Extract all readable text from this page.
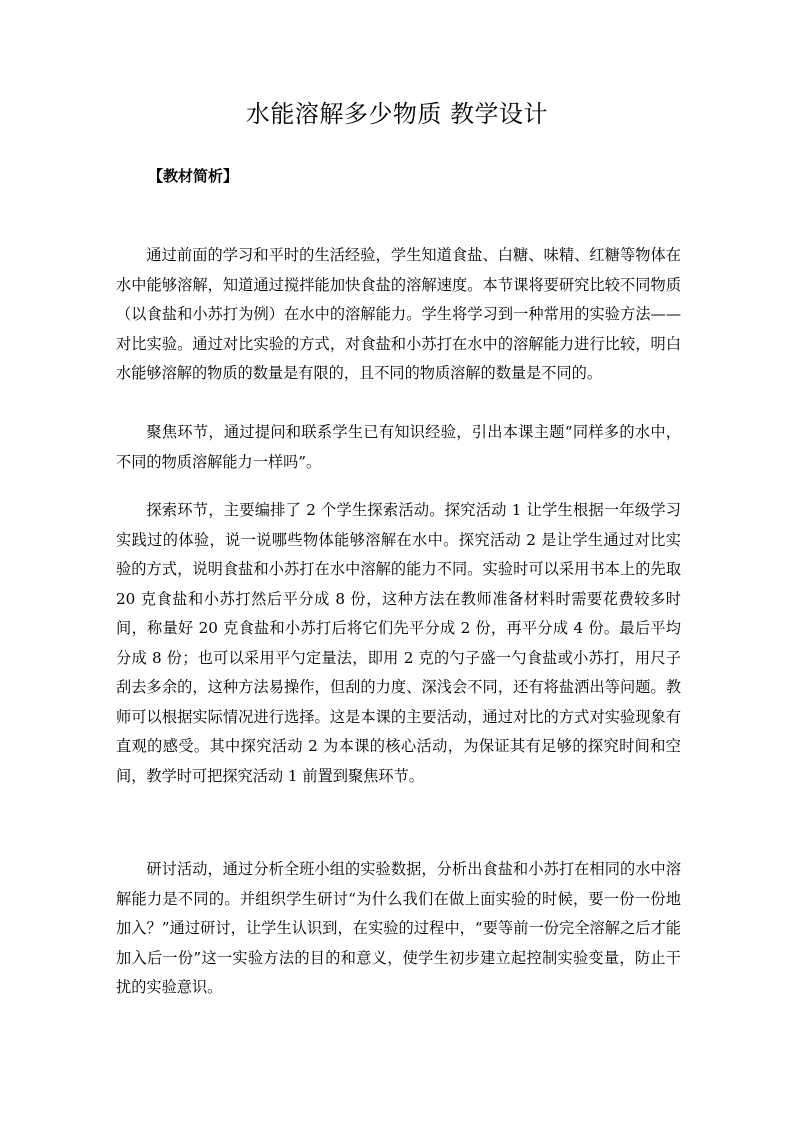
水能溶解多少物质 教学设计
【教材简析】

通过前面的学习和平时的生活经验，学生知道食盐、白糖、味精、红糖等物体在水中能够溶解，知道通过搅拌能加快食盐的溶解速度。本节课将要研究比较不同物质（以食盐和小苏打为例）在水中的溶解能力。学生将学习到一种常用的实验方法——对比实验。通过对比实验的方式，对食盐和小苏打在水中的溶解能力进行比较，明白水能够溶解的物质的数量是有限的，且不同的物质溶解的数量是不同的。

聚焦环节，通过提问和联系学生已有知识经验，引出本课主题“同样多的水中，不同的物质溶解能力一样吗”。

探索环节，主要编排了 2 个学生探索活动。探究活动 1 让学生根据一年级学习实践过的体验，说一说哪些物体能够溶解在水中。探究活动 2 是让学生通过对比实验的方式，说明食盐和小苏打在水中溶解的能力不同。实验时可以采用书本上的先取 20 克食盐和小苏打然后平分成 8 份，这种方法在教师准备材料时需要花费较多时间，称量好 20 克食盐和小苏打后将它们先平分成 2 份，再平分成 4 份。最后平均分成 8 份；也可以采用平勺定量法，即用 2 克的勺子盛一勺食盐或小苏打，用尺子刮去多余的，这种方法易操作，但刮的力度、深浅会不同，还有将盐洒出等问题。教师可以根据实际情况进行选择。这是本课的主要活动，通过对比的方式对实验现象有直观的感受。其中探究活动 2 为本课的核心活动，为保证其有足够的探究时间和空间，教学时可把探究活动 1 前置到聚焦环节。

研讨活动，通过分析全班小组的实验数据，分析出食盐和小苏打在相同的水中溶解能力是不同的。并组织学生研讨“为什么我们在做上面实验的时候，要一份一份地加入？”通过研讨，让学生认识到，在实验的过程中，“要等前一份完全溶解之后才能加入后一份”这一实验方法的目的和意义，使学生初步建立起控制实验变量，防止干扰的实验意识。
